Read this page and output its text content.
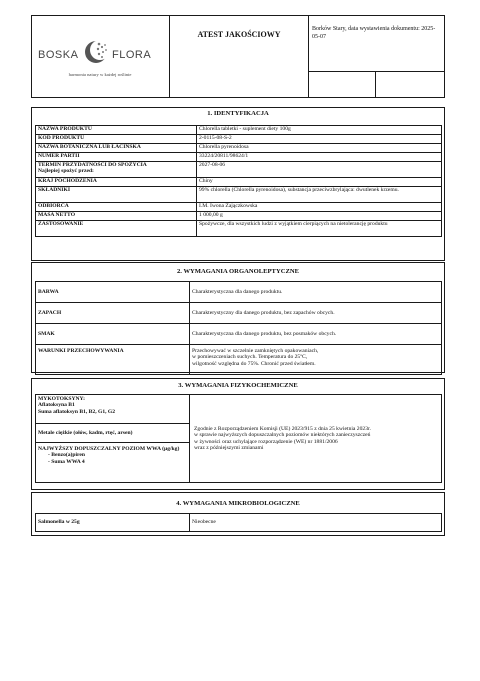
BOSKA	FLORA
harmonia natury w każdej roślinie
ATEST JAKOŚCIOWY
Borków Stary, data wystawienia dokumentu: 2025-05-07
1. IDENTYFIKACJA
NAZWA PRODUKTU	Chlorella tabletki - suplement diety 100g
KOD PRODUKTU	2-0115-08-S-2
NAZWA BOTANICZNA LUB ŁACIŃSKA	Chlorella pyrenoidosa
NUMER PARTII	33224/20811/98624/1

TERMIN PRZYDATNOŚCI DO SPOŻYCIA
Najlepiej spożyć przed:	2027-08-06
KRAJ POCHODZENIA	Chiny
SKŁADNIKI	99% chlorella (Chlorella pyrenoidosa), substancja przeciwzbrylająca: dwutlenek krzemu.
ODBIORCA	I.M. Iwona Zajączkowska
MASA NETTO	1 000,00 g
ZASTOSOWANIE	Spożywcze, dla wszystkich ludzi z wyjątkiem cierpiących na nietolerancję produktu
2. WYMAGANIA ORGANOLEPTYCZNE
BARWA	Charakterystyczna dla danego produktu.
ZAPACH	Charakterystyczny dla danego produktu, bez zapachów obcych.
SMAK	Charakterystyczna dla danego produktu, bez posmaków obcych.
WARUNKI PRZECHOWYWANIA	Przechowywać w szczelnie zamkniętych opakowaniach,
w pomieszczeniach suchych. Temperatura do 25ºC,
wilgotność względna do 75%. Chronić przed światłem.
3. WYMAGANIA FIZYKOCHEMICZNE
MYKOTOKSYNY:
Aflatoksyna B1
Suma aflatoksyn B1, B2, G1, G2

Zgodnie z Rozporządzeniem Komisji (UE) 2023/915 z dnia 25 kwietnia 2023r.
w sprawie najwyższych dopuszczalnych poziomów niektórych zanieczyszczeń
w żywności oraz uchylające rozporządzenie (WE) nr 1881/2006
wraz z późniejszymi zmianami

Metale ciężkie (ołów, kadm, rtęć, arsen)

NAJWYŻSZY DOPUSZCZALNY POZIOM WWA (µg/kg)
- Benzo(a)piren
- Suma WWA 4
4. WYMAGANIA MIKROBIOLOGICZNE
Salmonella w 25g	Nieobecne
